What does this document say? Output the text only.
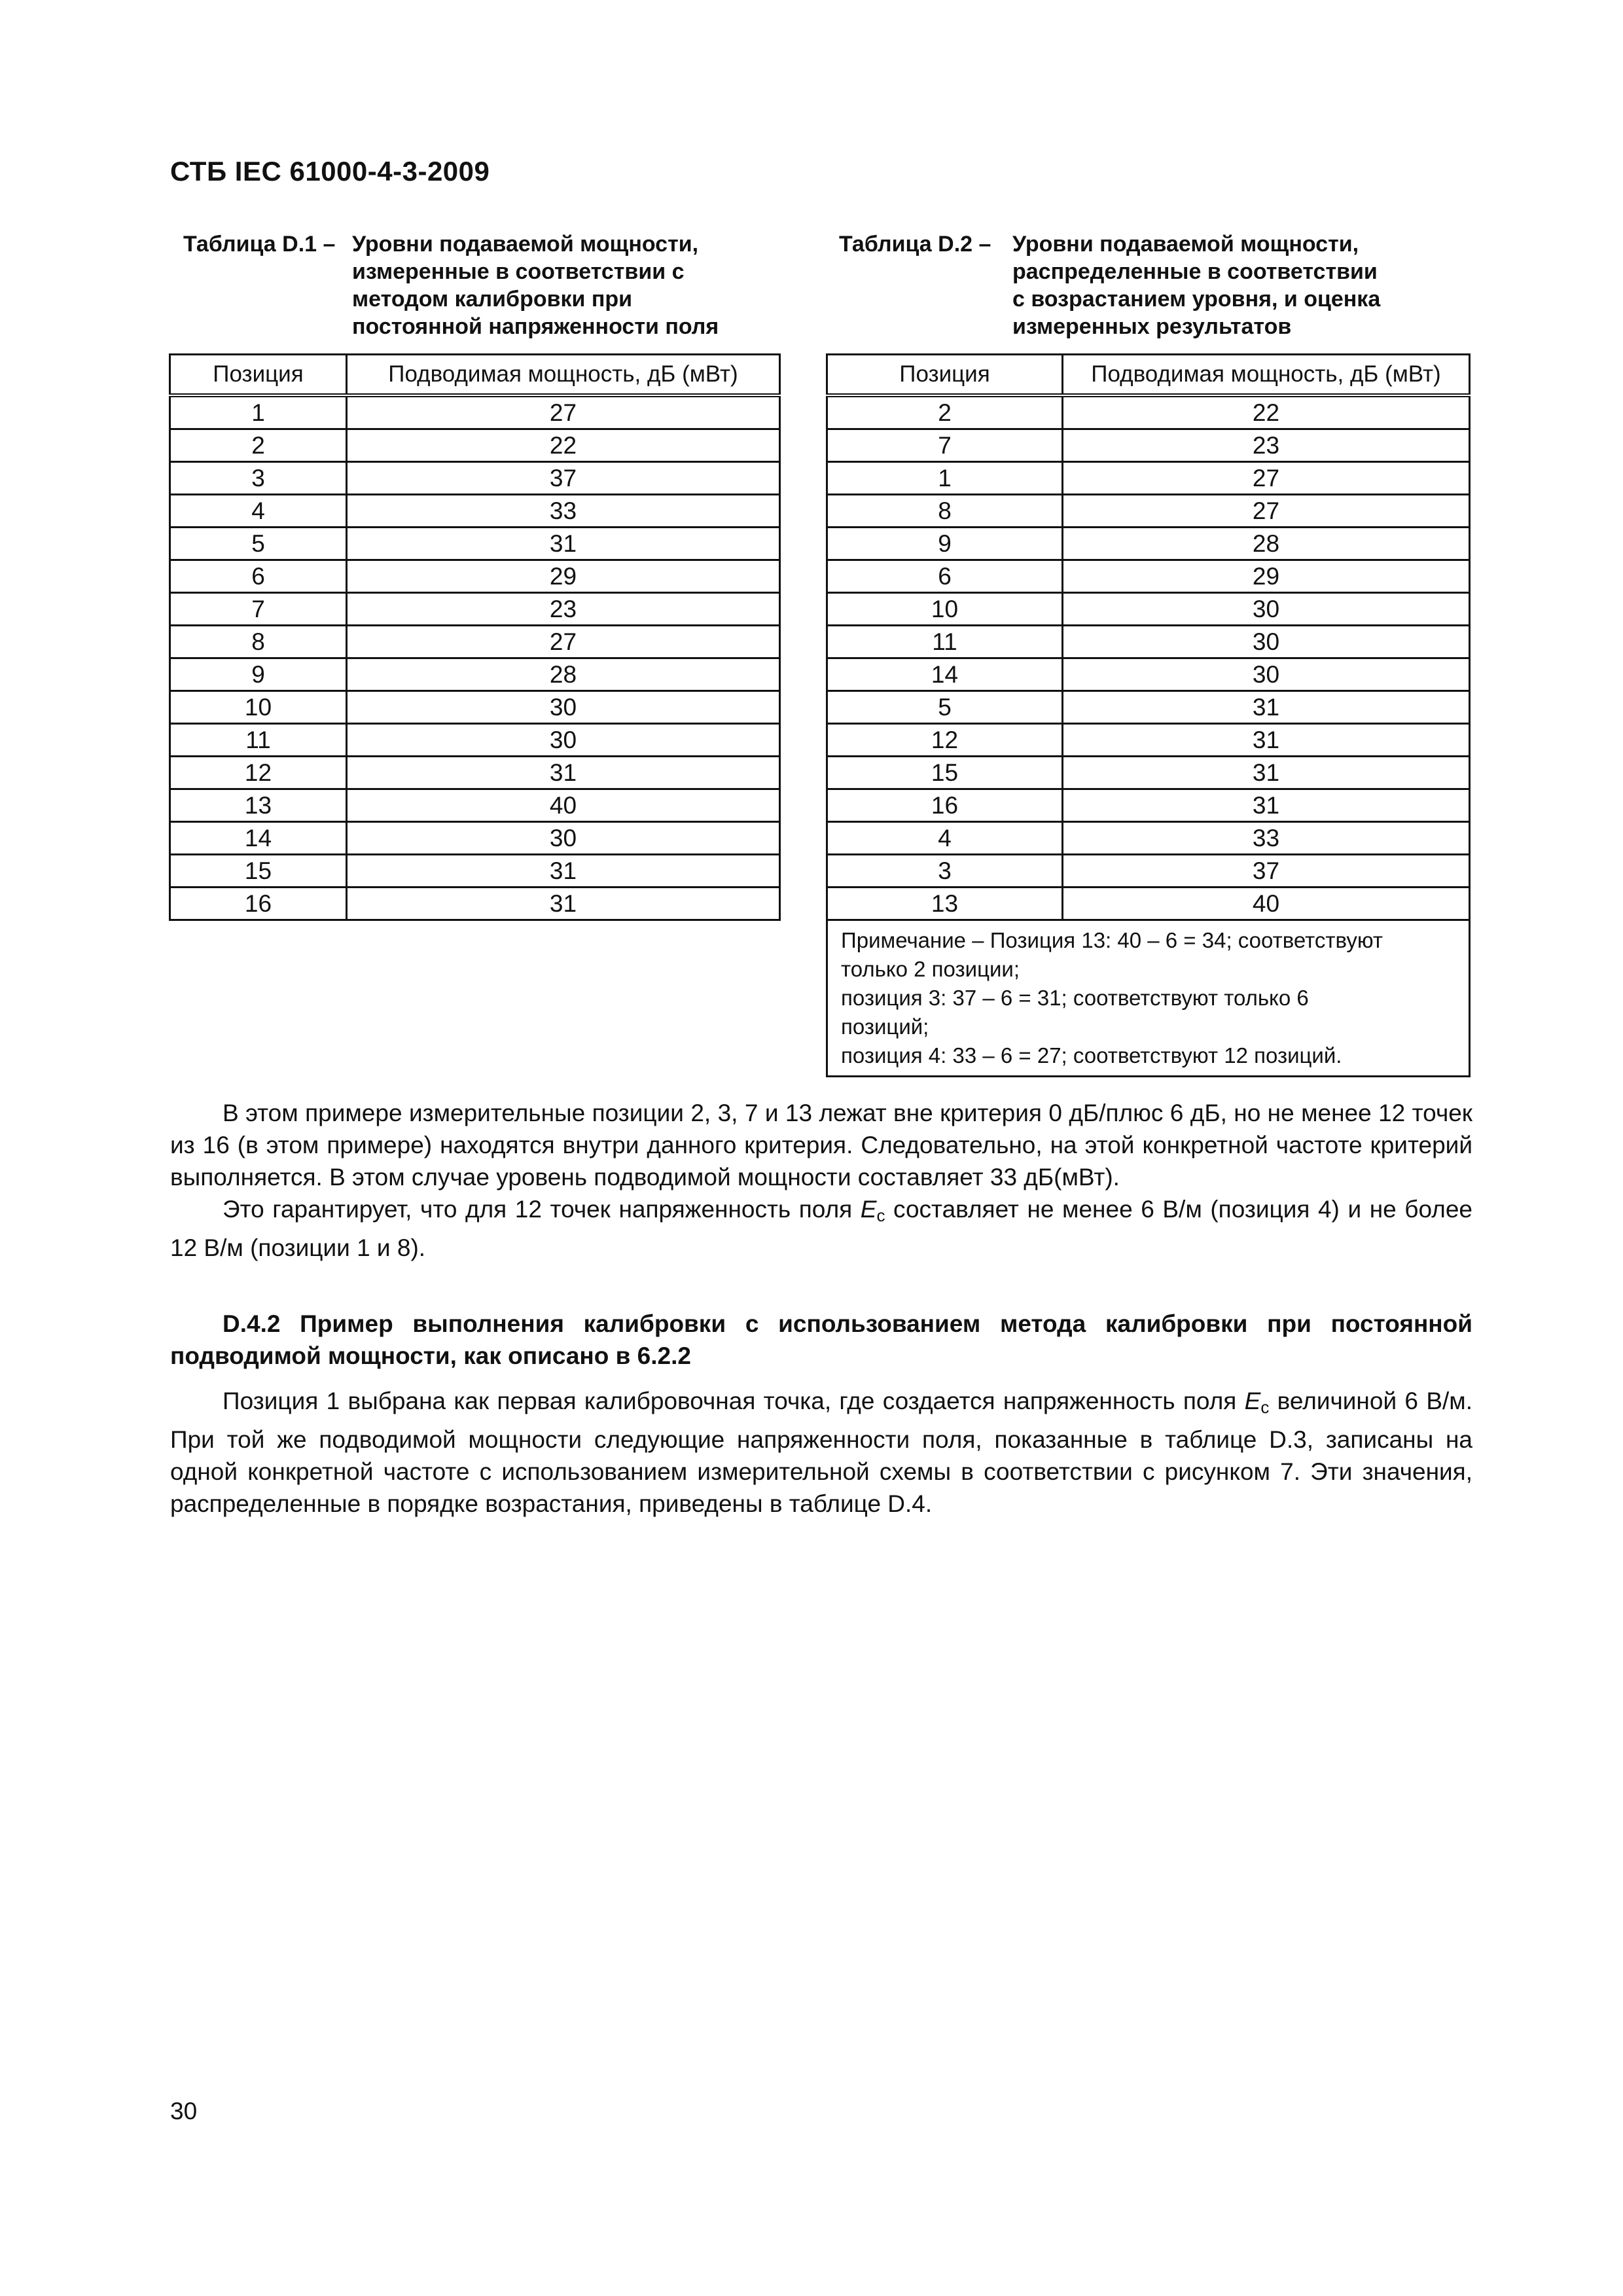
СТБ IEC 61000-4-3-2009
Таблица D.1 – Уровни подаваемой мощности,
измеренные в соответствии с
методом калибровки при
постоянной напряженности поля
Таблица D.2 – Уровни подаваемой мощности,
распределенные в соответствии
с возрастанием уровня, и оценка
измеренных результатов
Позиция	Подводимая мощность, дБ (мВт)
1	27
2	22
3	37
4	33
5	31
6	29
7	23
8	27
9	28
10	30
11	30
12	31
13	40
14	30
15	31
16	31
Позиция	Подводимая мощность, дБ (мВт)
2	22
7	23
1	27
8	27
9	28
6	29
10	30
11	30
14	30
5	31
12	31
15	31
16	31
4	33
3	37
13	40

Примечание – Позиция 13: 40 – 6 = 34; соответствуют
только 2 позиции;
позиция 3: 37 – 6 = 31; соответствуют только 6
позиций;
позиция 4: 33 – 6 = 27; соответствуют 12 позиций.	

В этом примере измерительные позиции 2, 3, 7 и 13 лежат вне критерия 0 дБ/плюс 6 дБ, но не менее 12 точек из 16 (в этом примере) находятся внутри данного критерия. Следовательно, на этой конкретной частоте критерий выполняется. В этом случае уровень подводимой мощности составляет 33 дБ(мВт).

Это гарантирует, что для 12 точек напряженность поля $E_c$ составляет не менее 6 В/м (позиция 4) и не более 12 В/м (позиции 1 и 8).

D.4.2 Пример выполнения калибровки с использованием метода калибровки при постоянной подводимой мощности, как описано в 6.2.2

Позиция 1 выбрана как первая калибровочная точка, где создается напряженность поля $E_c$ величиной 6 В/м. При той же подводимой мощности следующие напряженности поля, показанные в таблице D.3, записаны на одной конкретной частоте с использованием измерительной схемы в соответствии с рисунком 7. Эти значения, распределенные в порядке возрастания, приведены в таблице D.4.

30
